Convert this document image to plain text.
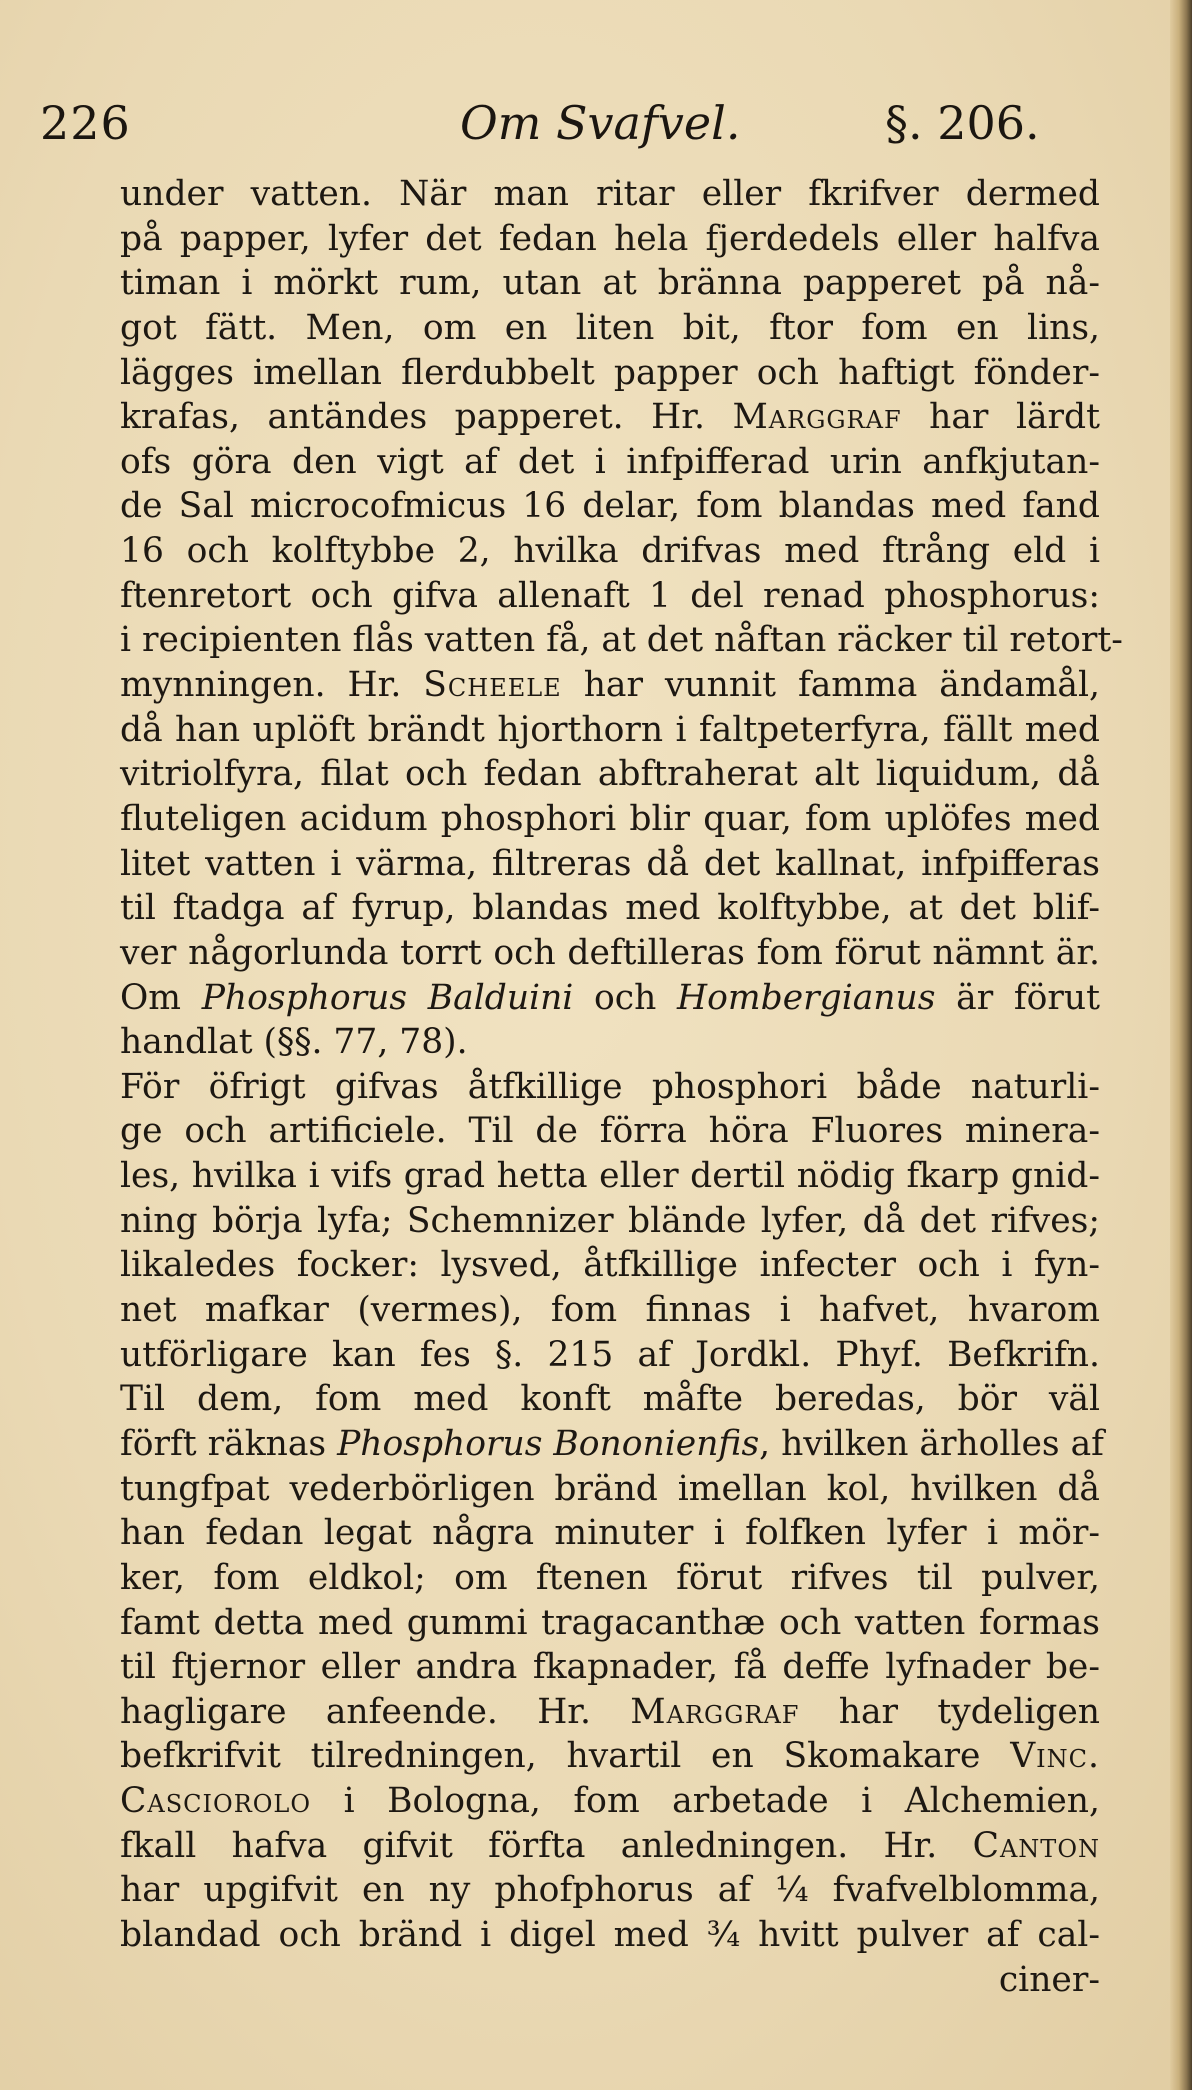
226	Om Svafvel.	§. 206.
under vatten. När man ritar eller fkrifver dermed
på papper, lyfer det fedan hela fjerdedels eller halfva
timan i mörkt rum, utan at bränna papperet på nå-
got fätt. Men, om en liten bit, ftor fom en lins,
lägges imellan flerdubbelt papper och haftigt fönder-
krafas, antändes papperet. Hr. Marggraf har lärdt
ofs göra den vigt af det i infpifferad urin anfkjutan-
de Sal microcofmicus 16 delar, fom blandas med fand
16 och kolftybbe 2, hvilka drifvas med ftrång eld i
ftenretort och gifva allenaft 1 del renad phosphorus:
i recipienten flås vatten få, at det nåftan räcker til retort-
mynningen. Hr. Scheele har vunnit famma ändamål,
då han uplöft brändt hjorthorn i faltpeterfyra, fällt med
vitriolfyra, filat och fedan abftraherat alt liquidum, då
flutеligen acidum phosphori blir quar, fom uplöfes med
litet vatten i värma, filtreras då det kallnat, infpifferas
til ftadga af fyrup, blandas med kolftybbe, at det blif-
ver någorlunda torrt och deftilleras fom förut nämnt är.
Om Phosphorus Balduini och Hombergianus är förut
handlat (§§. 77, 78).
För öfrigt gifvas åtfkillige phosphori både naturli-
ge och artificiele. Til de förra höra Fluores minera-
les, hvilka i vifs grad hetta eller dertil nödig fkarp gnid-
ning börja lyfa; Schemnizer blände lyfer, då det rifves;
likaledes focker: lysved, åtfkillige infecter och i fyn-
net mafkar (vermes), fom finnas i hafvet, hvarom
utförligare kan fes §. 215 af Jordkl. Phyf. Befkrifn.
Til dem, fom med konft måfte beredas, bör väl
förft räknas Phosphorus Bononienfis, hvilken ärholles af
tungfpat vederbörligen bränd imellan kol, hvilken då
han fedan legat några minuter i folfken lyfer i mör-
ker, fom eldkol; om ftenen förut rifves til pulver,
famt detta med gummi tragacanthæ och vatten formas
til ftjernor eller andra fkapnader, få deffe lyfnader be-
hagligare anfeende. Hr. Marggraf har tydeligen
befkrifvit tilredningen, hvartil en Skomakare Vinc.
Casciorolo i Bologna, fom arbetade i Alchemien,
fkall hafva gifvit förfta anledningen. Hr. Canton
har upgifvit en ny phofphorus af ¼ fvafvelblomma,
blandad och bränd i digel med ¾ hvitt pulver af cal-
ciner-
